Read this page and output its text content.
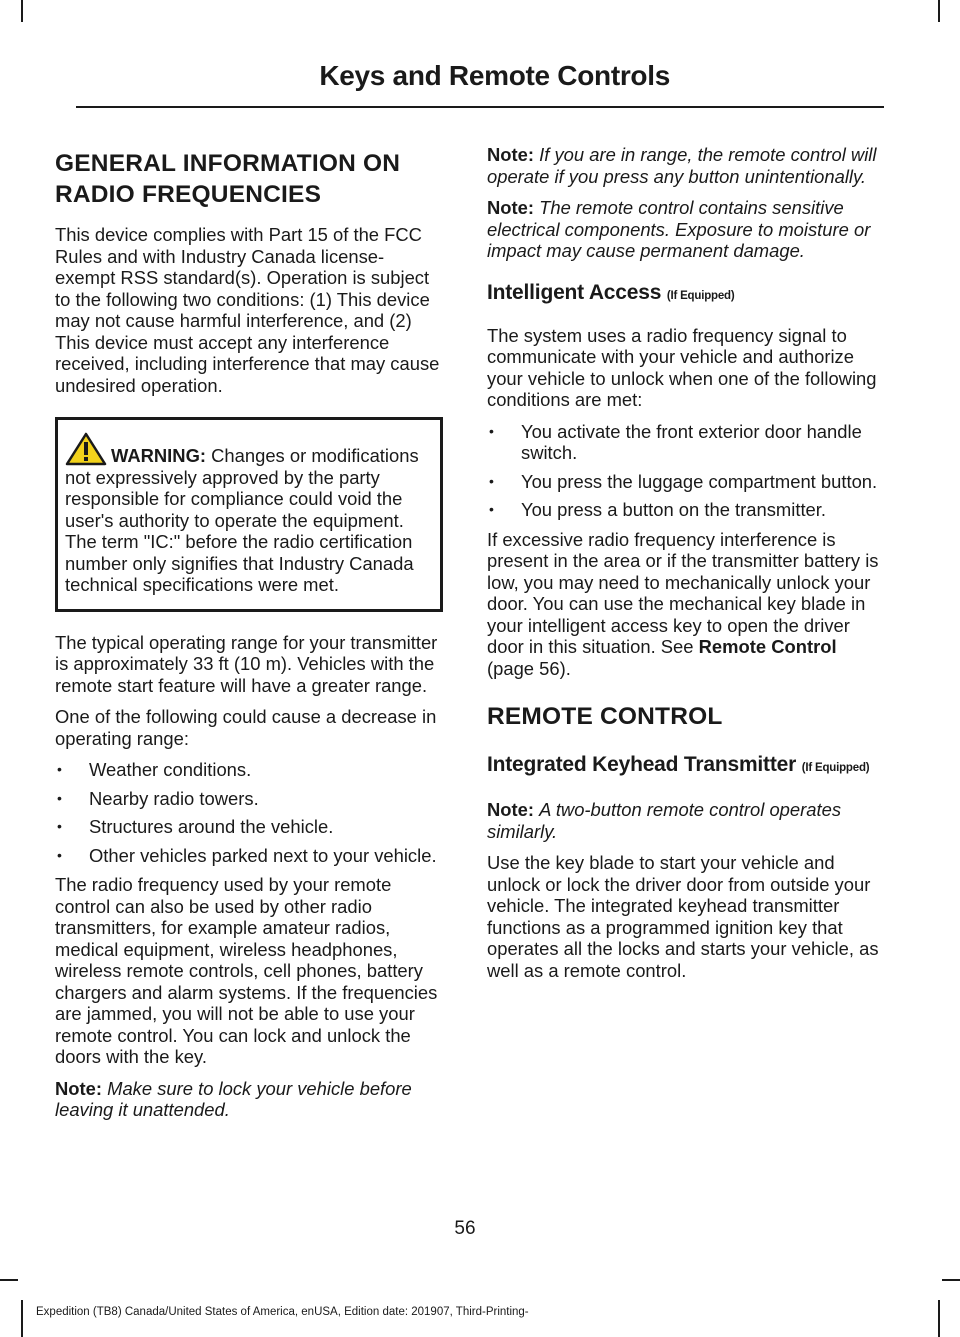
Keys and Remote Controls
GENERAL INFORMATION ON RADIO FREQUENCIES

This device complies with Part 15 of the FCC Rules and with Industry Canada license-exempt RSS standard(s). Operation is subject to the following two conditions: (1) This device may not cause harmful interference, and (2) This device must accept any interference received, including interference that may cause undesired operation.

WARNING: Changes or modifications not expressively approved by the party responsible for compliance could void the user's authority to operate the equipment. The term "IC:" before the radio certification number only signifies that Industry Canada technical specifications were met.

The typical operating range for your transmitter is approximately 33 ft (10 m). Vehicles with the remote start feature will have a greater range.

One of the following could cause a decrease in operating range:

• Weather conditions.
• Nearby radio towers.
• Structures around the vehicle.
• Other vehicles parked next to your vehicle.

The radio frequency used by your remote control can also be used by other radio transmitters, for example amateur radios, medical equipment, wireless headphones, wireless remote controls, cell phones, battery chargers and alarm systems. If the frequencies are jammed, you will not be able to use your remote control. You can lock and unlock the doors with the key.

Note: Make sure to lock your vehicle before leaving it unattended.

Note: If you are in range, the remote control will operate if you press any button unintentionally.

Note: The remote control contains sensitive electrical components. Exposure to moisture or impact may cause permanent damage.

Intelligent Access (If Equipped)

The system uses a radio frequency signal to communicate with your vehicle and authorize your vehicle to unlock when one of the following conditions are met:

• You activate the front exterior door handle switch.
• You press the luggage compartment button.
• You press a button on the transmitter.

If excessive radio frequency interference is present in the area or if the transmitter battery is low, you may need to mechanically unlock your door. You can use the mechanical key blade in your intelligent access key to open the driver door in this situation. See Remote Control (page 56).

REMOTE CONTROL
Integrated Keyhead Transmitter (If Equipped)

Note: A two-button remote control operates similarly.

Use the key blade to start your vehicle and unlock or lock the driver door from outside your vehicle. The integrated keyhead transmitter functions as a programmed ignition key that operates all the locks and starts your vehicle, as well as a remote control.

56
Expedition (TB8) Canada/United States of America, enUSA, Edition date: 201907, Third-Printing-
